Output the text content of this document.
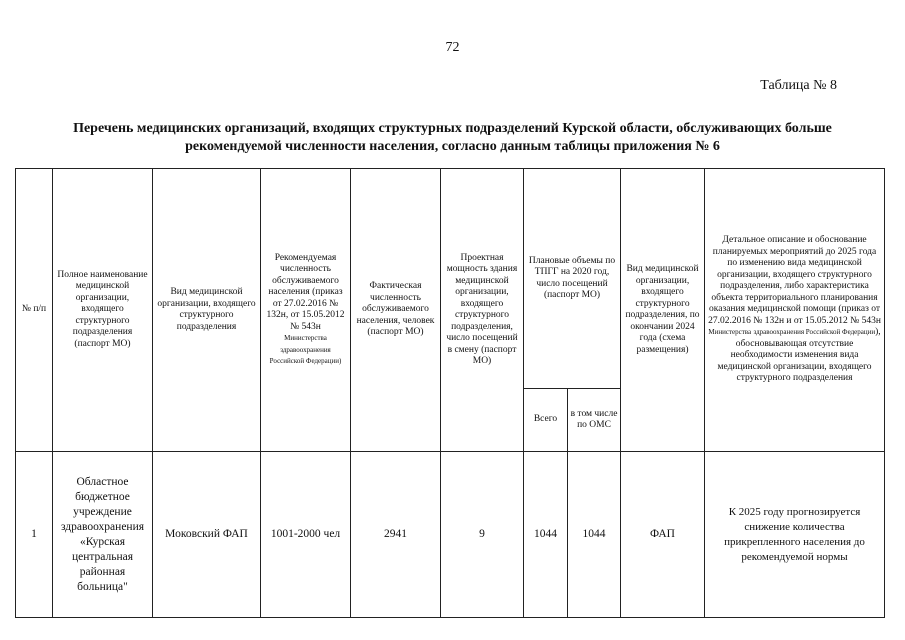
72
Таблица № 8
Перечень медицинских организаций, входящих структурных подразделений Курской области, обслуживающих больше
рекомендуемой численности населения, согласно данным таблицы приложения № 6
№ п/п	Полное наименование медицинской организации, входящего структурного подразделения (паспорт МО)	Вид медицинской организации, входящего структурного подразделения	Рекомендуемая численность обслуживаемого населения (приказ от 27.02.2016 № 132н, от 15.05.2012 № 543н
Министерства здравоохранения Российской Федерации)	Фактическая численность обслуживаемого населения, человек (паспорт МО)	Проектная мощность здания медицинской организации, входящего структурного подразделения, число посещений в смену (паспорт МО)	Плановые объемы по ТПГГ на 2020 год, число посещений (паспорт МО)		Вид медицинской организации, входящего структурного подразделения, по окончании 2024 года (схема размещения)	Детальное описание и обоснование планируемых мероприятий до 2025 года по изменению вида медицинской организации, входящего структурного подразделения, либо характеристика объекта территориального планирования оказания медицинской помощи (приказ от 27.02.2016 № 132н и от 15.05.2012 № 543н Министерства здравоохранения Российской Федерации), обосновывающая отсутствие необходимости изменения вида медицинской организации, входящего структурного подразделения
						Всего	в том числе по ОМС		
1	Областное бюджетное учреждение здравоохранения «Курская центральная районная больница"	Моковский ФАП	1001-2000 чел	2941	9	1044	1044	ФАП	К 2025 году прогнозируется снижение количества прикрепленного населения до рекомендуемой нормы
